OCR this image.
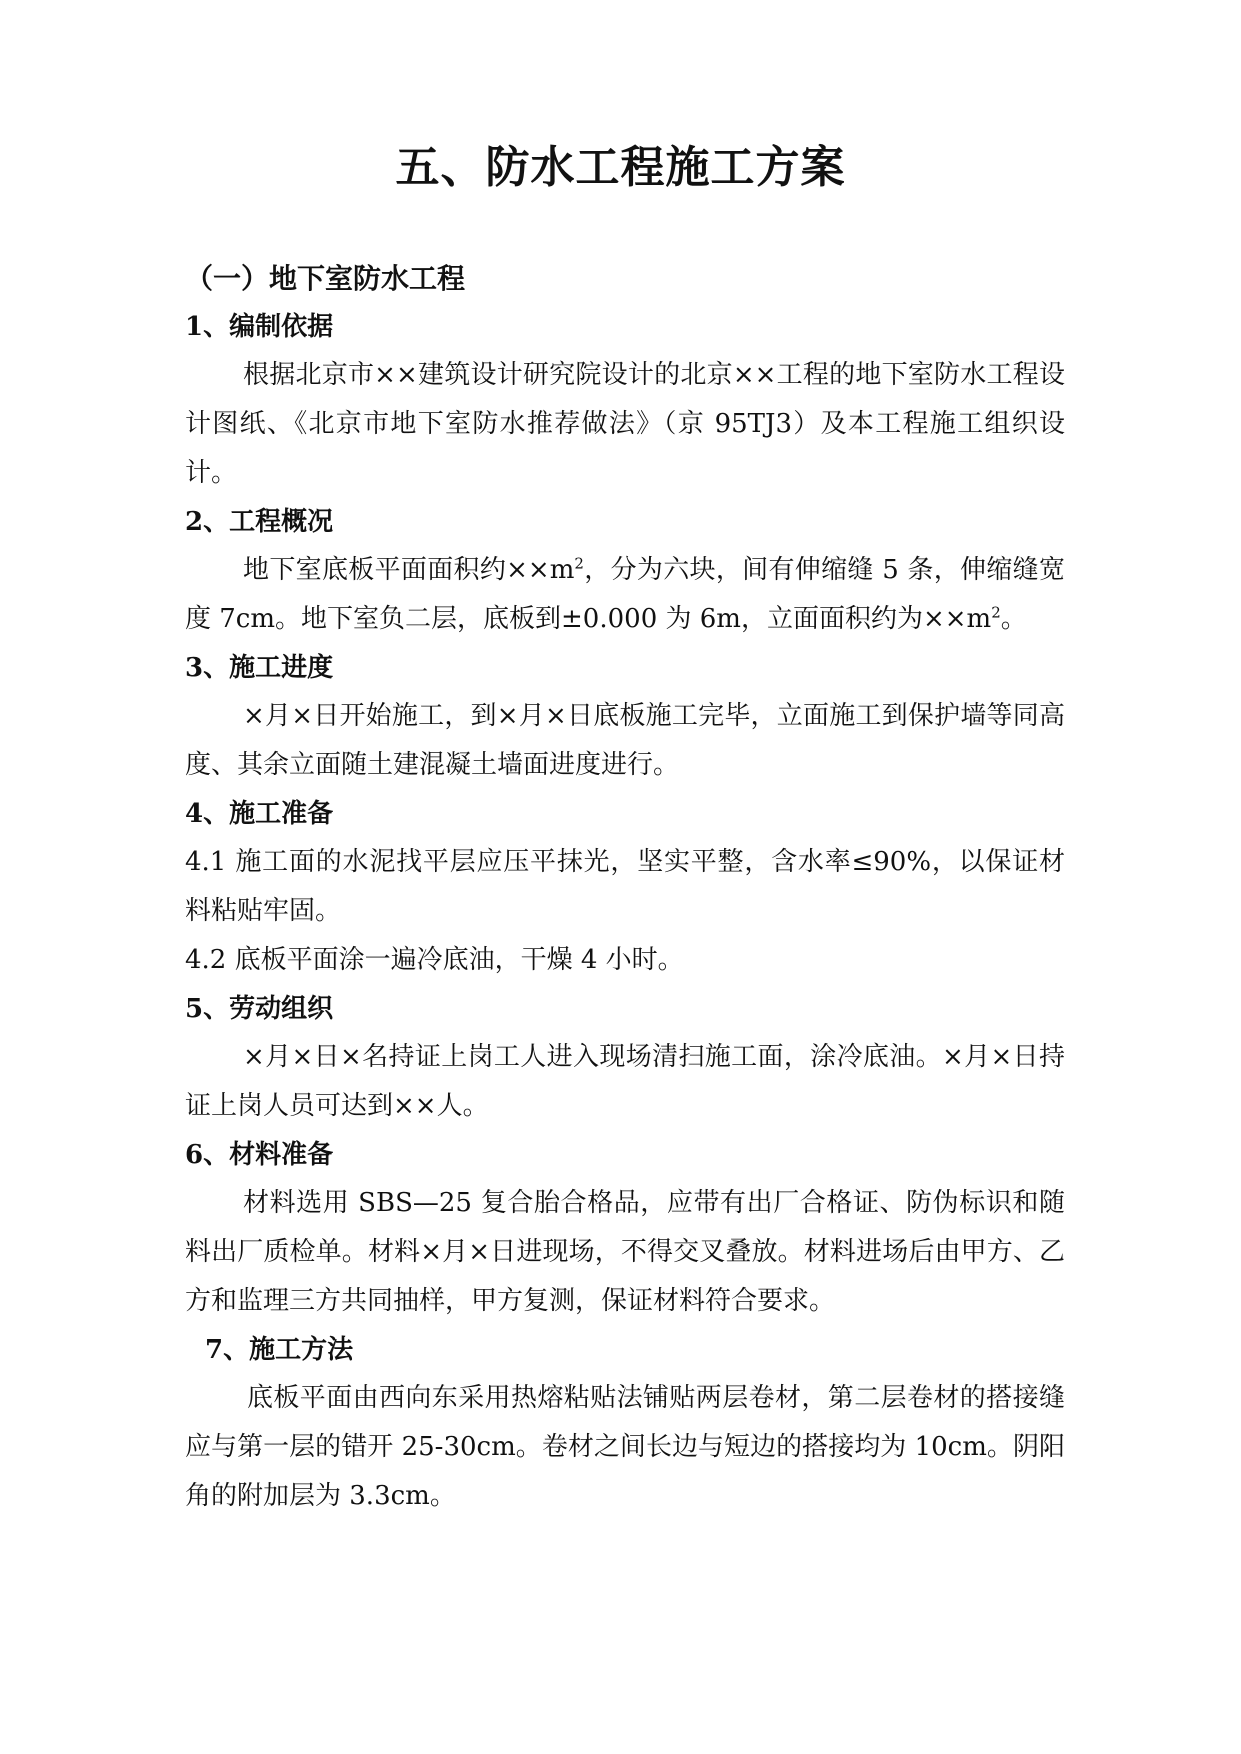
五、防水工程施工方案
（一）地下室防水工程
1、编制依据
根据北京市××建筑设计研究院设计的北京××工程的地下室防水工程设计图纸、《北京市地下室防水推荐做法》（京 95TJ3）及本工程施工组织设计。
2、工程概况
地下室底板平面面积约$\times\times m^2$，分为六块，间有伸缩缝 5 条，伸缩缝宽度 7cm。地下室负二层，底板到±0.000 为 6m，立面面积约为$\times\times m^2$。
3、施工进度
×月×日开始施工，到×月×日底板施工完毕，立面施工到保护墙等同高度、其余立面随土建混凝土墙面进度进行。
4、施工准备
4.1 施工面的水泥找平层应压平抹光，坚实平整，含水率≤90%，以保证材料粘贴牢固。
4.2 底板平面涂一遍冷底油，干燥 4 小时。
5、劳动组织
×月×日×名持证上岗工人进入现场清扫施工面，涂冷底油。×月×日持证上岗人员可达到××人。
6、材料准备
材料选用 SBS—25 复合胎合格品，应带有出厂合格证、防伪标识和随料出厂质检单。材料×月×日进现场，不得交叉叠放。材料进场后由甲方、乙方和监理三方共同抽样，甲方复测，保证材料符合要求。
7、施工方法
底板平面由西向东采用热熔粘贴法铺贴两层卷材，第二层卷材的搭接缝应与第一层的错开 25-30cm。卷材之间长边与短边的搭接均为 10cm。阴阳角的附加层为 3.3cm。
